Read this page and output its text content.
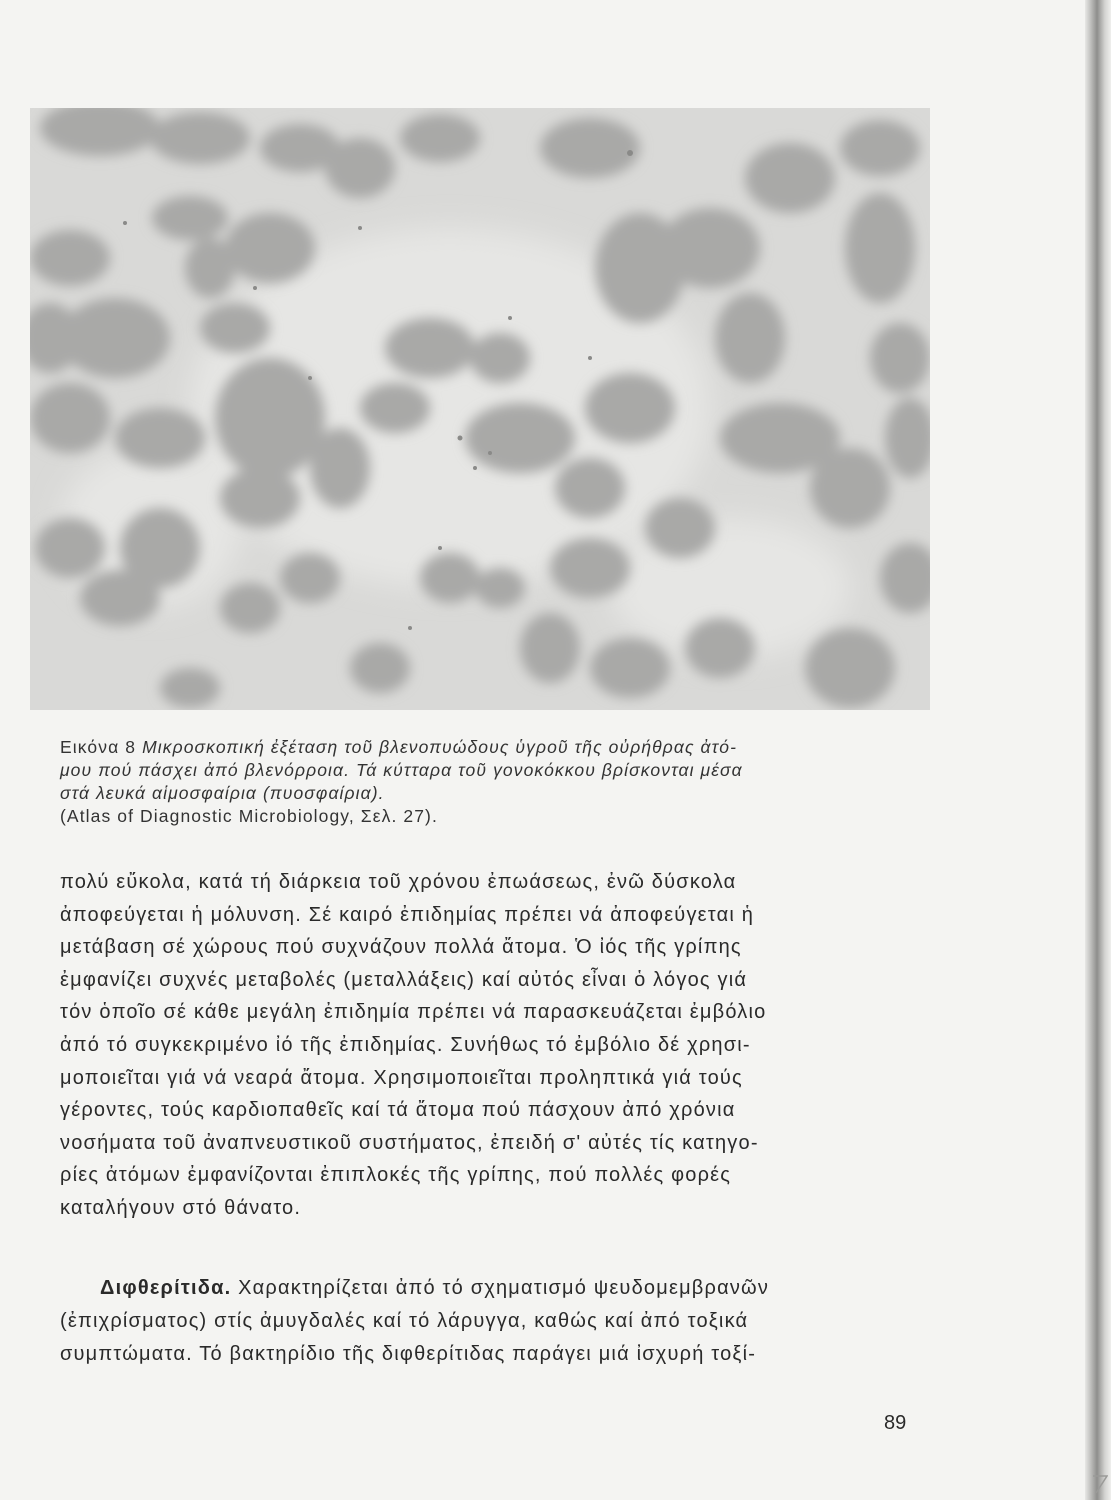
Εικόνα 8 Μικροσκοπική ἐξέταση τοῦ βλενοπυώδους ὑγροῦ τῆς οὐρήθρας ἀτό-
μου πού πάσχει ἀπό βλενόρροια. Τά κύτταρα τοῦ γονοκόκκου βρίσκονται μέσα
στά λευκά αἱμοσφαίρια (πυοσφαίρια).
(Atlas of Diagnostic Microbiology, Σελ. 27).
πολύ εὔκολα, κατά τή διάρκεια τοῦ χρόνου ἐπωάσεως, ἐνῶ δύσκολα
ἀποφεύγεται ἡ μόλυνση. Σέ καιρό ἐπιδημίας πρέπει νά ἀποφεύγεται ἡ
μετάβαση σέ χώρους πού συχνάζουν πολλά ἄτομα. Ὁ ἰός τῆς γρίπης
ἐμφανίζει συχνές μεταβολές (μεταλλάξεις) καί αὐτός εἶναι ὁ λόγος γιά
τόν ὁποῖο σέ κάθε μεγάλη ἐπιδημία πρέπει νά παρασκευάζεται ἐμβόλιο
ἀπό τό συγκεκριμένο ἰό τῆς ἐπιδημίας. Συνήθως τό ἐμβόλιο δέ χρησι-
μοποιεῖται γιά νά νεαρά ἄτομα. Χρησιμοποιεῖται προληπτικά γιά τούς
γέροντες, τούς καρδιοπαθεῖς καί τά ἄτομα πού πάσχουν ἀπό χρόνια
νοσήματα τοῦ ἀναπνευστικοῦ συστήματος, ἐπειδή σ' αὐτές τίς κατηγο-
ρίες ἀτόμων ἐμφανίζονται ἐπιπλοκές τῆς γρίπης, πού πολλές φορές
καταλήγουν στό θάνατο.
Διφθερίτιδα. Χαρακτηρίζεται ἀπό τό σχηματισμό ψευδομεμβρανῶν
(ἐπιχρίσματος) στίς ἀμυγδαλές καί τό λάρυγγα, καθώς καί ἀπό τοξικά
συμπτώματα. Τό βακτηρίδιο τῆς διφθερίτιδας παράγει μιά ἰσχυρή τοξί-
89
